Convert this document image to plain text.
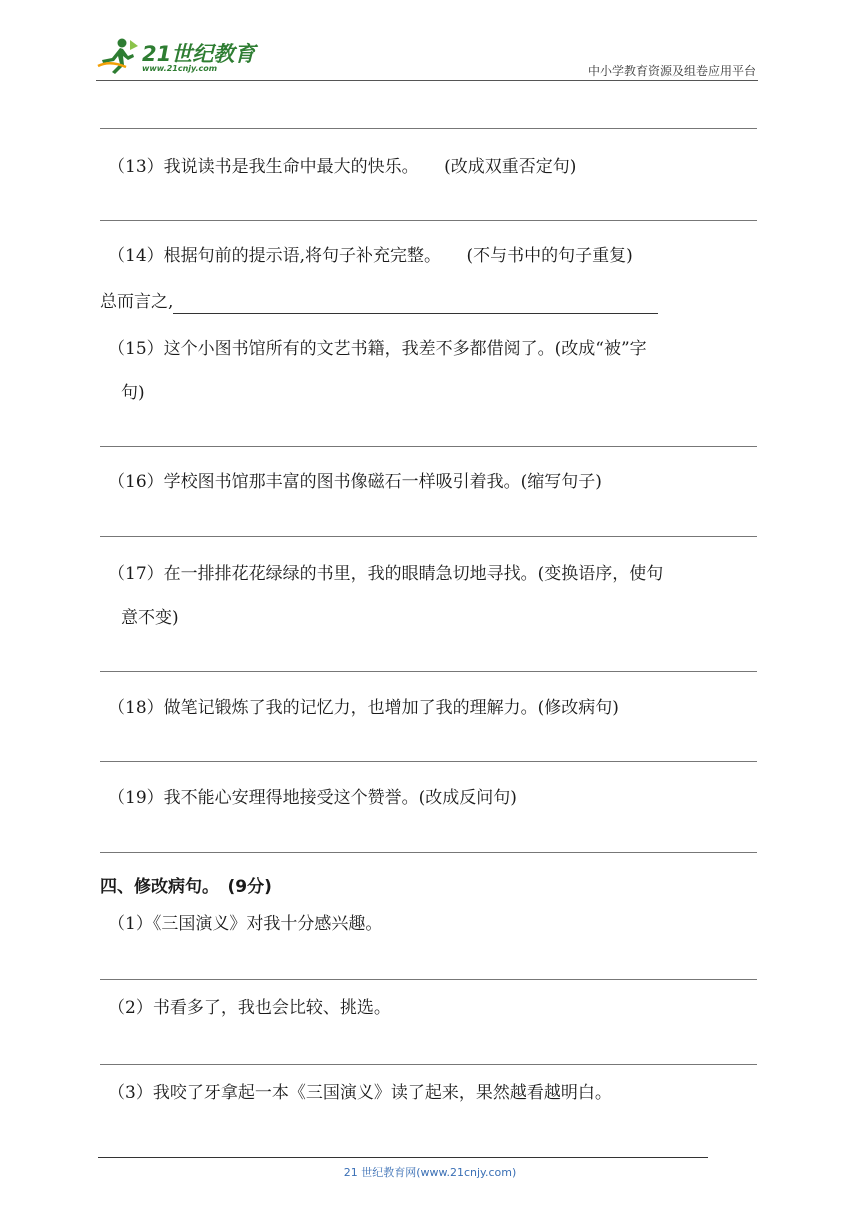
21世纪教育
www.21cnjy.com	中小学教育资源及组卷应用平台
（13）我说读书是我生命中最大的快乐。　　(改成双重否定句)
（14）根据句前的提示语,将句子补充完整。　　(不与书中的句子重复)
总而言之,
（15）这个小图书馆所有的文艺书籍，我差不多都借阅了。(改成“被”字
句)
（16）学校图书馆那丰富的图书像磁石一样吸引着我。(缩写句子)
（17）在一排排花花绿绿的书里，我的眼睛急切地寻找。(变换语序，使句
意不变)
（18）做笔记锻炼了我的记忆力，也增加了我的理解力。(修改病句)
（19）我不能心安理得地接受这个赞誉。(改成反问句)
四、修改病句。　(9分)
（1）《三国演义》对我十分感兴趣。
（2）书看多了，我也会比较、挑选。
（3）我咬了牙拿起一本《三国演义》读了起来，果然越看越明白。
21 世纪教育网(www.21cnjy.com)
